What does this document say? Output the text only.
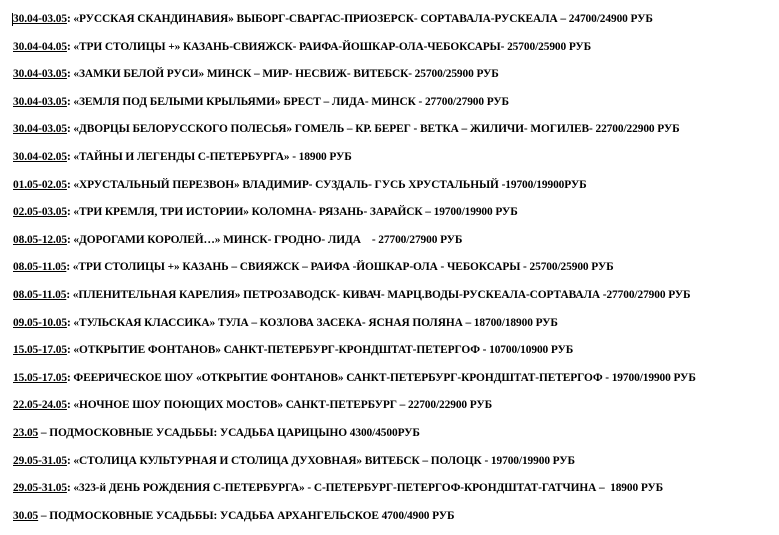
30.04-03.05: «РУССКАЯ СКАНДИНАВИЯ» ВЫБОРГ-СВАРГАС-ПРИОЗЕРСК- СОРТАВАЛА-РУСКЕАЛА – 24700/24900 РУБ
30.04-04.05: «ТРИ СТОЛИЦЫ +» КАЗАНЬ-СВИЯЖСК- РАИФА-ЙОШКАР-ОЛА-ЧЕБОКСАРЫ- 25700/25900 РУБ
30.04-03.05: «ЗАМКИ БЕЛОЙ РУСИ» МИНСК – МИР- НЕСВИЖ- ВИТЕБСК- 25700/25900 РУБ
30.04-03.05: «ЗЕМЛЯ ПОД БЕЛЫМИ КРЫЛЬЯМИ» БРЕСТ – ЛИДА- МИНСК - 27700/27900 РУБ
30.04-03.05: «ДВОРЦЫ БЕЛОРУССКОГО ПОЛЕСЬЯ» ГОМЕЛЬ – КР. БЕРЕГ - ВЕТКА – ЖИЛИЧИ- МОГИЛЕВ- 22700/22900 РУБ
30.04-02.05: «ТАЙНЫ И ЛЕГЕНДЫ С-ПЕТЕРБУРГА» - 18900 РУБ
01.05-02.05: «ХРУСТАЛЬНЫЙ ПЕРЕЗВОН» ВЛАДИМИР- СУЗДАЛЬ- ГУСЬ ХРУСТАЛЬНЫЙ -19700/19900РУБ
02.05-03.05: «ТРИ КРЕМЛЯ, ТРИ ИСТОРИИ» КОЛОМНА- РЯЗАНЬ- ЗАРАЙСК – 19700/19900 РУБ
08.05-12.05: «ДОРОГАМИ КОРОЛЕЙ…» МИНСК- ГРОДНО- ЛИДА    - 27700/27900 РУБ
08.05-11.05: «ТРИ СТОЛИЦЫ +» КАЗАНЬ – СВИЯЖСК – РАИФА -ЙОШКАР-ОЛА - ЧЕБОКСАРЫ - 25700/25900 РУБ
08.05-11.05: «ПЛЕНИТЕЛЬНАЯ КАРЕЛИЯ» ПЕТРОЗАВОДСК- КИВАЧ- МАРЦ.ВОДЫ-РУСКЕАЛА-СОРТАВАЛА -27700/27900 РУБ
09.05-10.05: «ТУЛЬСКАЯ КЛАССИКА» ТУЛА – КОЗЛОВА ЗАСЕКА- ЯСНАЯ ПОЛЯНА – 18700/18900 РУБ
15.05-17.05: «ОТКРЫТИЕ ФОНТАНОВ» САНКТ-ПЕТЕРБУРГ-КРОНДШТАТ-ПЕТЕРГОФ - 10700/10900 РУБ
15.05-17.05: ФЕЕРИЧЕСКОЕ ШОУ «ОТКРЫТИЕ ФОНТАНОВ» САНКТ-ПЕТЕРБУРГ-КРОНДШТАТ-ПЕТЕРГОФ - 19700/19900 РУБ
22.05-24.05: «НОЧНОЕ ШОУ ПОЮЩИХ МОСТОВ» САНКТ-ПЕТЕРБУРГ – 22700/22900 РУБ
23.05 – ПОДМОСКОВНЫЕ УСАДЬБЫ: УСАДЬБА ЦАРИЦЫНО 4300/4500РУБ
29.05-31.05: «СТОЛИЦА КУЛЬТУРНАЯ И СТОЛИЦА ДУХОВНАЯ» ВИТЕБСК – ПОЛОЦК - 19700/19900 РУБ
29.05-31.05: «323-й ДЕНЬ РОЖДЕНИЯ С-ПЕТЕРБУРГА» - С-ПЕТЕРБУРГ-ПЕТЕРГОФ-КРОНДШТАТ-ГАТЧИНА –  18900 РУБ
30.05 – ПОДМОСКОВНЫЕ УСАДЬБЫ: УСАДЬБА АРХАНГЕЛЬСКОЕ 4700/4900 РУБ
